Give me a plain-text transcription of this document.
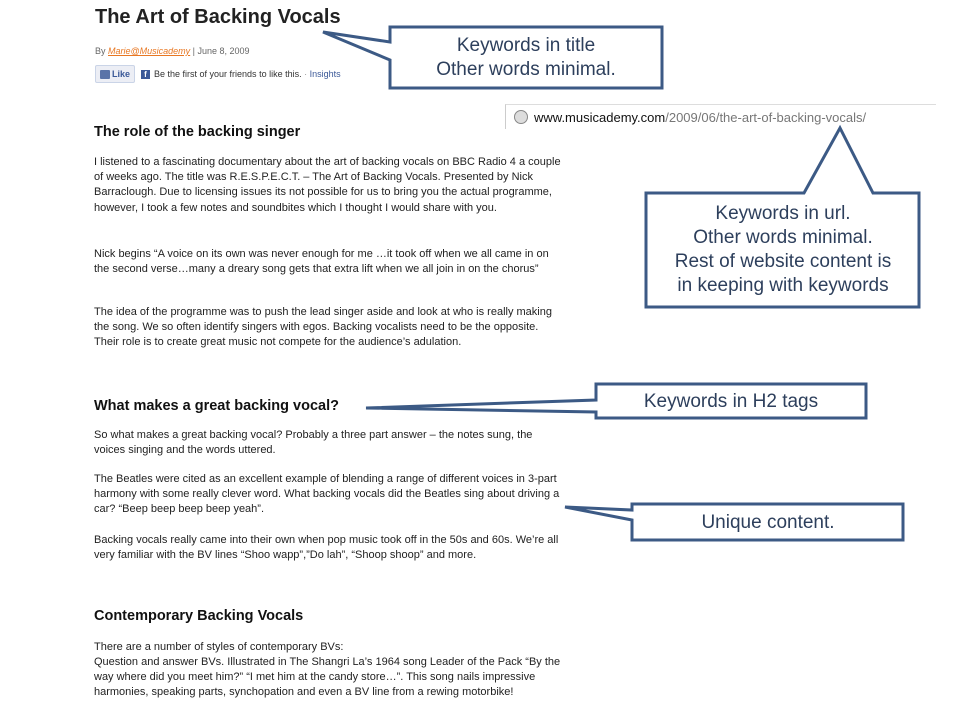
The Art of Backing Vocals
By Marie@Musicademy | June 8, 2009
Like	f Be the first of your friends to like this. · Insights
The role of the backing singer
I listened to a fascinating documentary about the art of backing vocals on BBC Radio 4 a couple of weeks ago. The title was R.E.S.P.E.C.T. – The Art of Backing Vocals. Presented by Nick Barraclough. Due to licensing issues its not possible for us to bring you the actual programme, however, I took a few notes and soundbites which I thought I would share with you.
Nick begins “A voice on its own was never enough for me …it took off when we all came in on the second verse…many a dreary song gets that extra lift when we all join in on the chorus”
The idea of the programme was to push the lead singer aside and look at who is really making the song. We so often identify singers with egos. Backing vocalists need to be the opposite. Their role is to create great music not compete for the audience’s adulation.
What makes a great backing vocal?
So what makes a great backing vocal? Probably a three part answer – the notes sung, the voices singing and the words uttered.
The Beatles were cited as an excellent example of blending a range of different voices in 3-part harmony with some really clever word. What backing vocals did the Beatles sing about driving a car? “Beep beep beep beep yeah”.
Backing vocals really came into their own when pop music took off in the 50s and 60s. We’re all very familiar with the BV lines “Shoo wapp”,”Do lah”, “Shoop shoop” and more.
Contemporary Backing Vocals
There are a number of styles of contemporary BVs:
Question and answer BVs. Illustrated in The Shangri La’s 1964 song Leader of the Pack “By the way where did you meet him?” “I met him at the candy store…”. This song nails impressive harmonies, speaking parts, synchopation and even a BV line from a rewing motorbike!
www.musicademy.com /2009/06/the-art-of-backing-vocals/
Keywords in title
Other words minimal.
Keywords in url.
Other words minimal.
Rest of website content is
in keeping with keywords
Keywords in H2 tags
Unique content.
